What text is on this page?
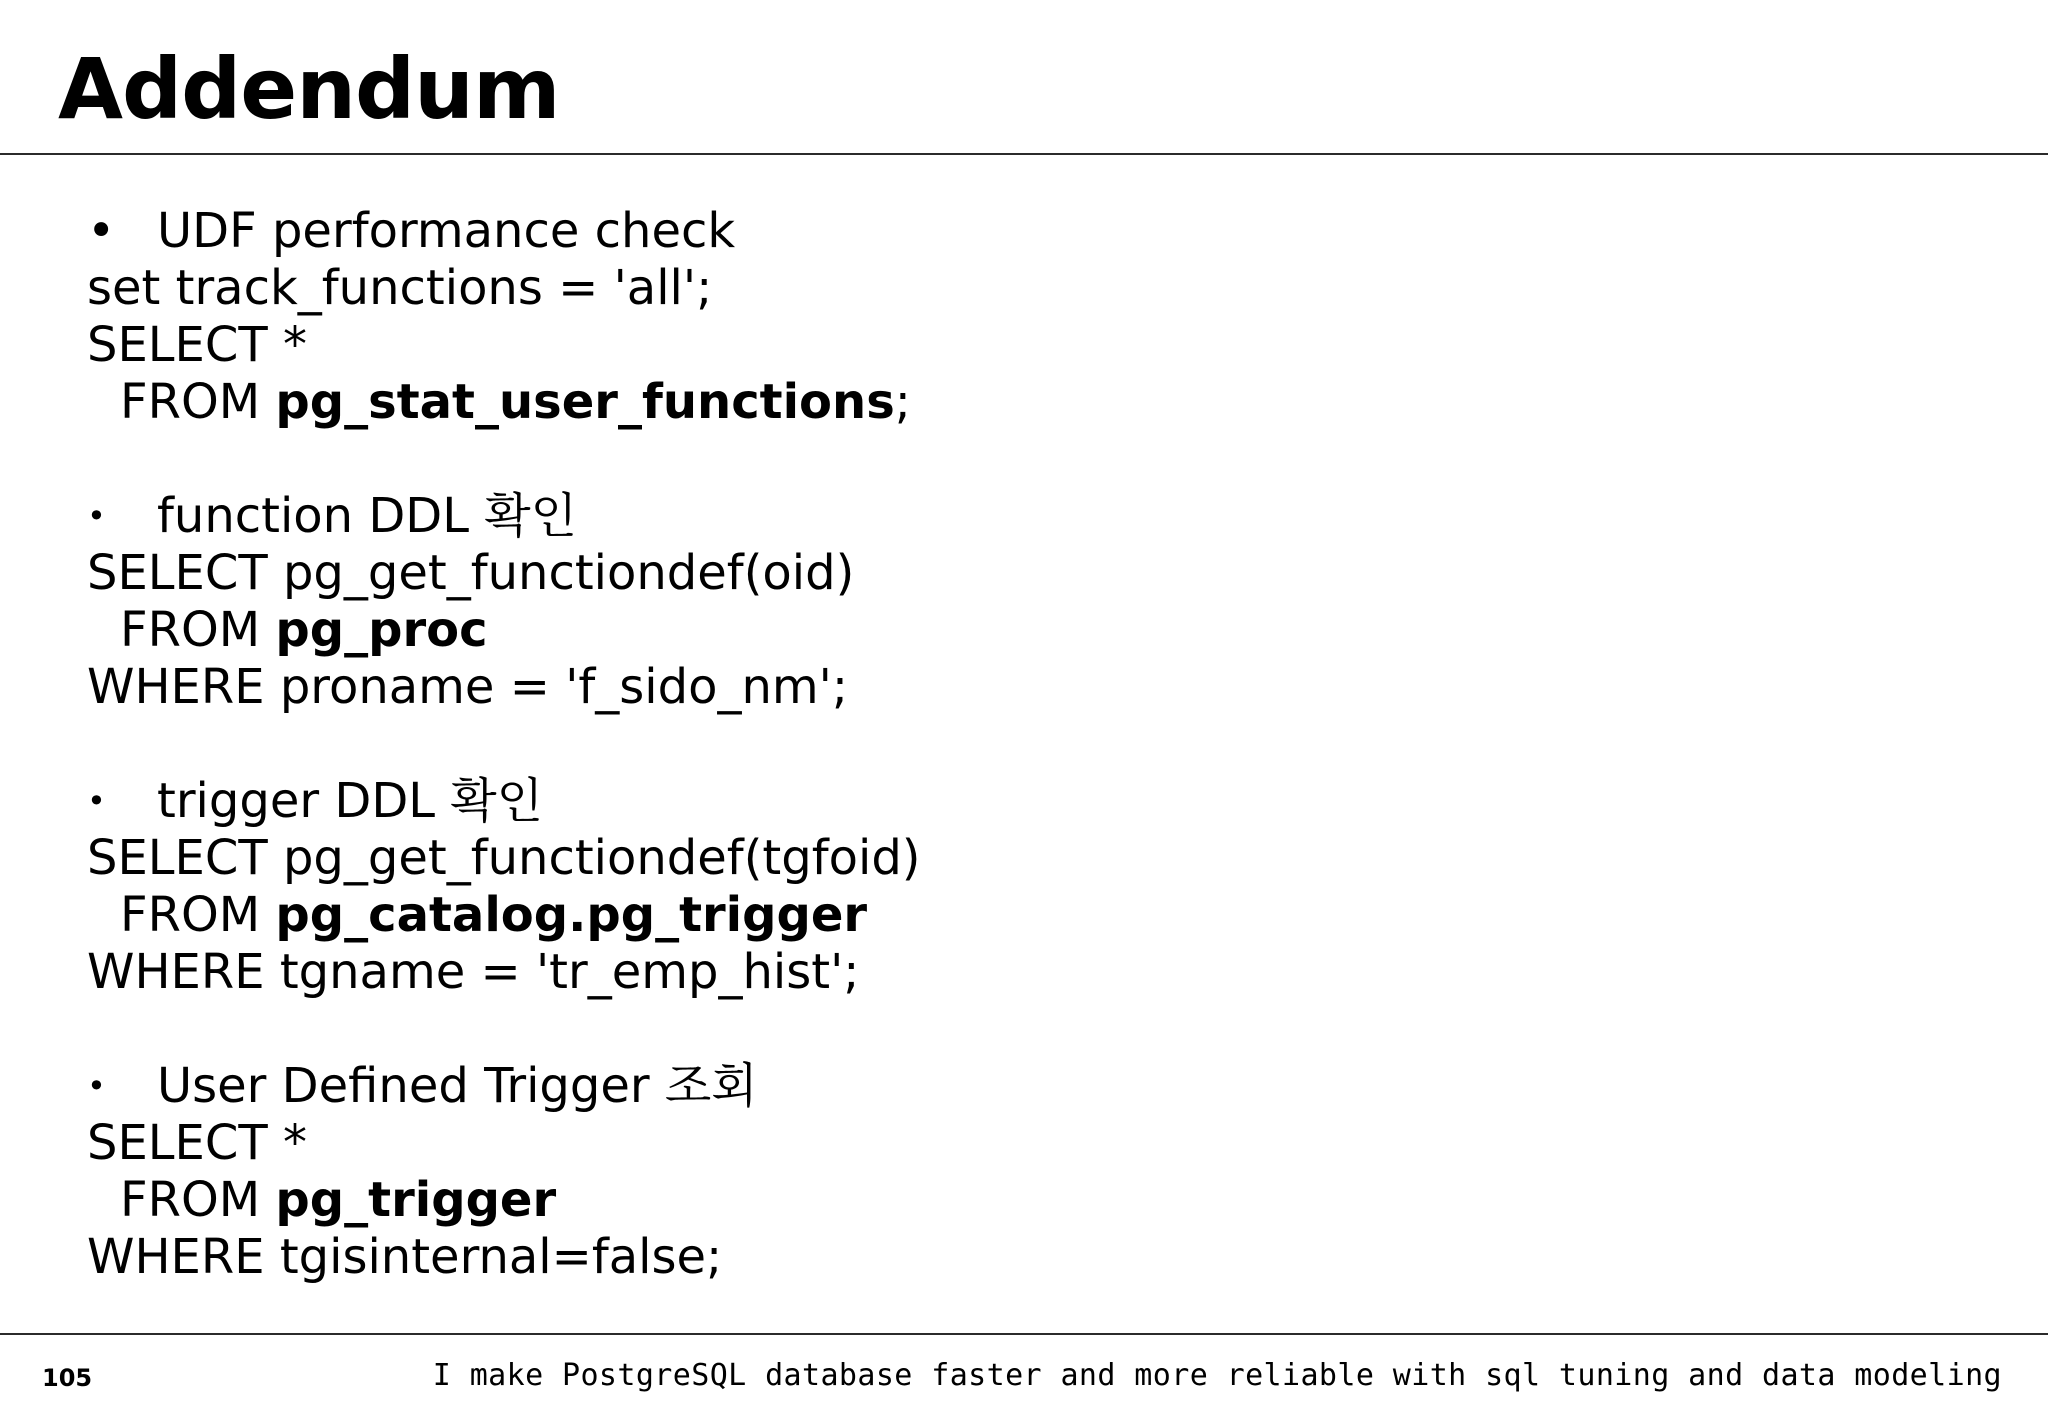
Addendum
• UDF performance check
set track_functions = 'all';
SELECT *
FROM pg_stat_user_functions;
• function DDL 확인
SELECT pg_get_functiondef(oid)
FROM pg_proc
WHERE proname = 'f_sido_nm';
• trigger DDL 확인
SELECT pg_get_functiondef(tgfoid)
FROM pg_catalog.pg_trigger
WHERE tgname = 'tr_emp_hist';
• User Defined Trigger 조회
SELECT *
FROM pg_trigger
WHERE tgisinternal=false;
105	I make PostgreSQL database faster and more reliable with sql tuning and data modeling
